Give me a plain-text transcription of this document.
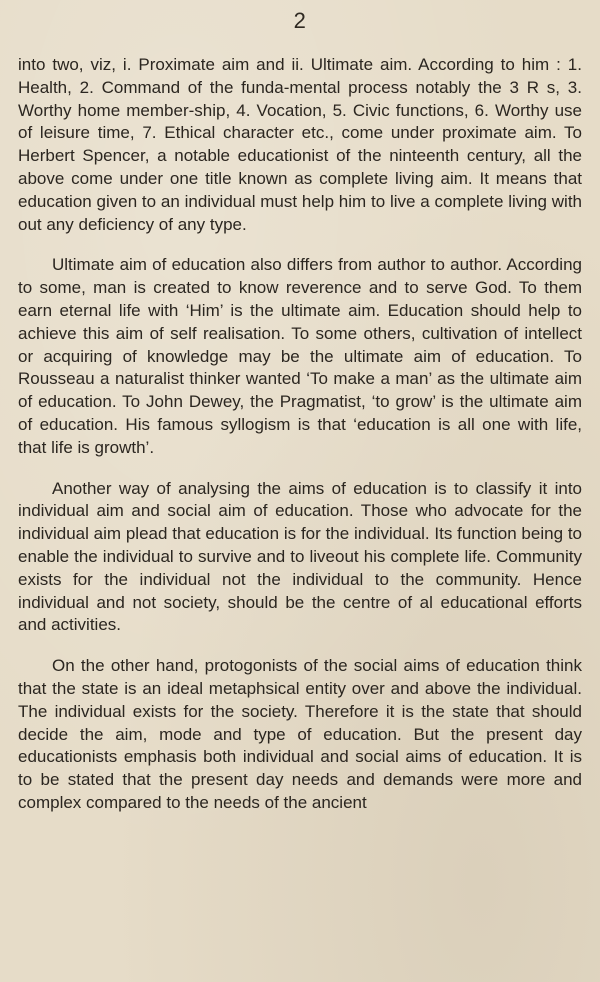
2

into two, viz, i. Proximate aim and ii. Ultimate aim. According to him : 1. Health, 2. Command of the funda-mental process notably the 3 R s, 3. Worthy home member-ship, 4. Vocation, 5. Civic functions, 6. Worthy use of leisure time, 7. Ethical character etc., come under proximate aim. To Herbert Spencer, a notable educationist of the ninteenth century, all the above come under one title known as complete living aim. It means that education given to an individual must help him to live a complete living with out any deficiency of any type.

Ultimate aim of education also differs from author to author. According to some, man is created to know reverence and to serve God. To them earn eternal life with ‘Him’ is the ultimate aim. Education should help to achieve this aim of self realisation. To some others, cultivation of intellect or acquiring of knowledge may be the ultimate aim of education. To Rousseau a naturalist thinker wanted ‘To make a man’ as the ultimate aim of education. To John Dewey, the Pragmatist, ‘to grow’ is the ultimate aim of education. His famous syllogism is that ‘education is all one with life, that life is growth’.

Another way of analysing the aims of education is to classify it into individual aim and social aim of education. Those who advocate for the individual aim plead that education is for the individual. Its function being to enable the individual to survive and to liveout his complete life. Community exists for the individual not the individual to the community. Hence individual and not society, should be the centre of al educational efforts and activities.

On the other hand, protogonists of the social aims of education think that the state is an ideal metaphsical entity over and above the individual. The individual exists for the society. Therefore it is the state that should decide the aim, mode and type of education. But the present day educationists emphasis both individual and social aims of education. It is to be stated that the present day needs and demands were more and complex compared to the needs of the ancient
